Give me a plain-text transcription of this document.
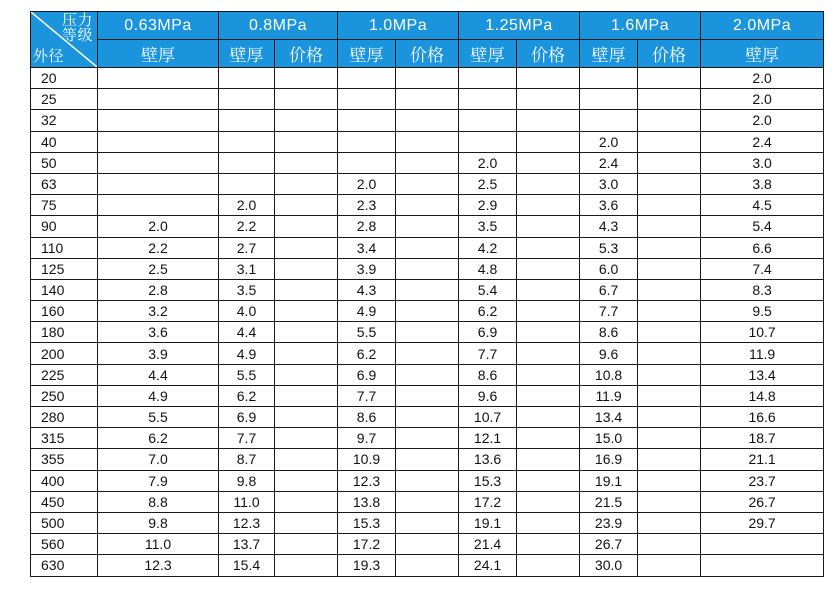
压力
等级
外径	0.63MPa	0.8MPa		1.0MPa		1.25MPa		1.6MPa		2.0MPa
	壁厚	壁厚	价格	壁厚	价格	壁厚	价格	壁厚	价格	壁厚
20										2.0
25										2.0
32										2.0
40								2.0		2.4
50						2.0		2.4		3.0
63				2.0		2.5		3.0		3.8
75		2.0		2.3		2.9		3.6		4.5
90	2.0	2.2		2.8		3.5		4.3		5.4
110	2.2	2.7		3.4		4.2		5.3		6.6
125	2.5	3.1		3.9		4.8		6.0		7.4
140	2.8	3.5		4.3		5.4		6.7		8.3
160	3.2	4.0		4.9		6.2		7.7		9.5
180	3.6	4.4		5.5		6.9		8.6		10.7
200	3.9	4.9		6.2		7.7		9.6		11.9
225	4.4	5.5		6.9		8.6		10.8		13.4
250	4.9	6.2		7.7		9.6		11.9		14.8
280	5.5	6.9		8.6		10.7		13.4		16.6
315	6.2	7.7		9.7		12.1		15.0		18.7
355	7.0	8.7		10.9		13.6		16.9		21.1
400	7.9	9.8		12.3		15.3		19.1		23.7
450	8.8	11.0		13.8		17.2		21.5		26.7
500	9.8	12.3		15.3		19.1		23.9		29.7
560	11.0	13.7		17.2		21.4		26.7		
630	12.3	15.4		19.3		24.1		30.0		
